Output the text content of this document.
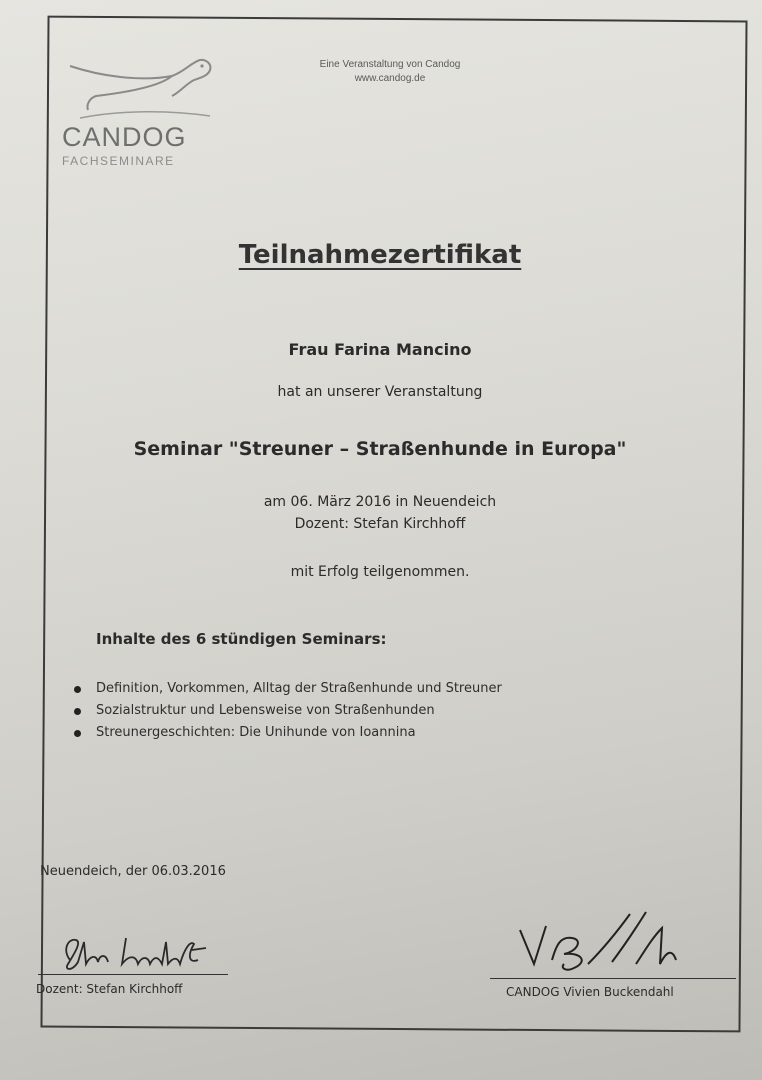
CANDOG
FACHSEMINARE
Eine Veranstaltung von Candog
www.candog.de
Teilnahmezertifikat
Frau Farina Mancino
hat an unserer Veranstaltung
Seminar "Streuner – Straßenhunde in Europa"
am 06. März 2016 in Neuendeich
Dozent: Stefan Kirchhoff
mit Erfolg teilgenommen.
Inhalte des 6 stündigen Seminars:
Definition, Vorkommen, Alltag der Straßenhunde und Streuner
Sozialstruktur und Lebensweise von Straßenhunden
Streunergeschichten: Die Unihunde von Ioannina
Neuendeich, der 06.03.2016
Dozent: Stefan Kirchhoff	CANDOG Vivien Buckendahl
